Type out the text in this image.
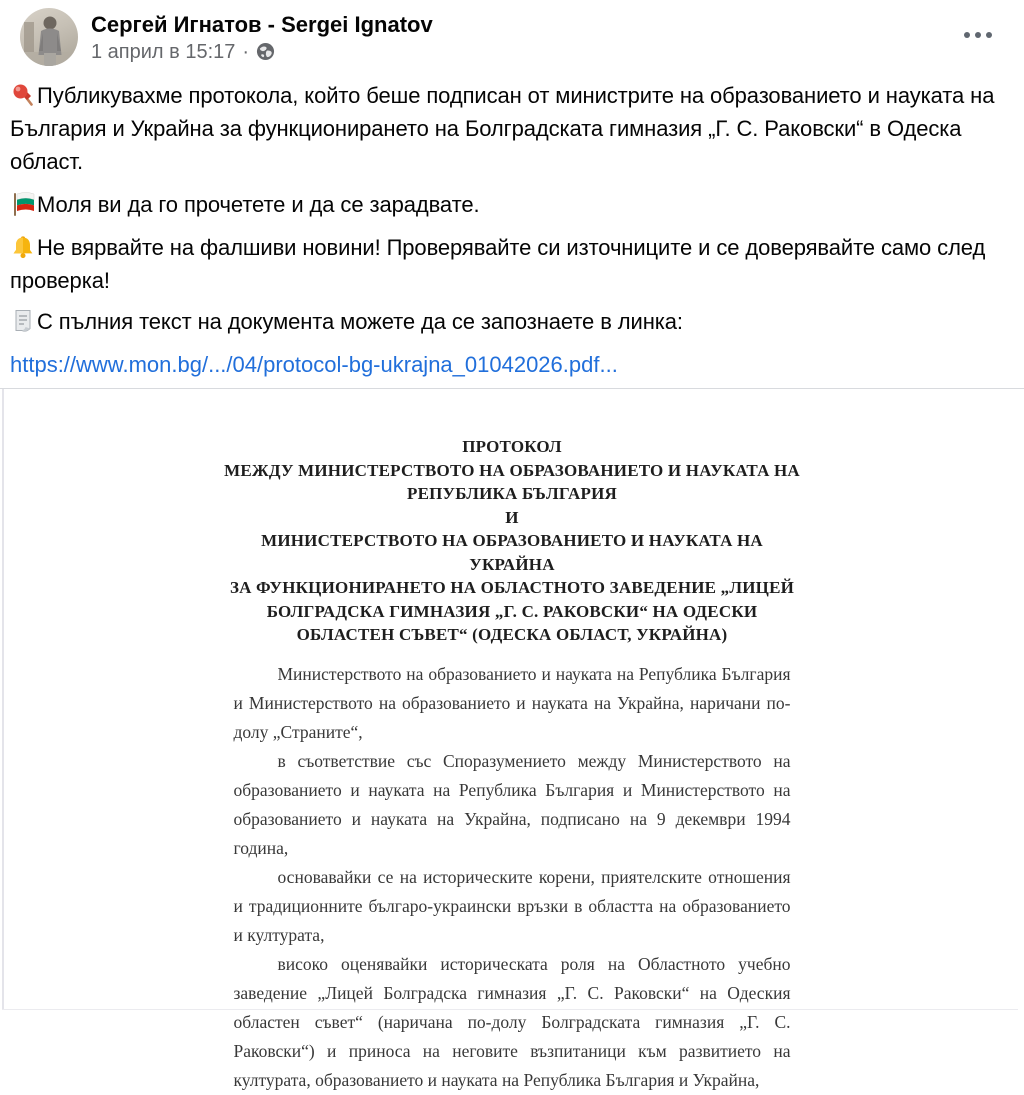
Сергей Игнатов - Sergei Ignatov
1 април в 15:17 ·

Публикувахме протокола, който беше подписан от министрите на образованието и науката на България и Украйна за функционирането на Болградската гимназия „Г. С. Раковски“ в Одеска област.

Моля ви да го прочетете и да се зарадвате.

Не вярвайте на фалшиви новини! Проверявайте си източниците и се доверявайте само след проверка!

С пълния текст на документа можете да се запознаете в линка:

https://www.mon.bg/.../04/protocol-bg-ukrajna_01042026.pdf...

ПРОТОКОЛ
МЕЖДУ МИНИСТЕРСТВОТО НА ОБРАЗОВАНИЕТО И НАУКАТА НА
РЕПУБЛИКА БЪЛГАРИЯ
И
МИНИСТЕРСТВОТО НА ОБРАЗОВАНИЕТО И НАУКАТА НА
УКРАЙНА
ЗА ФУНКЦИОНИРАНЕТО НА ОБЛАСТНОТО ЗАВЕДЕНИЕ „ЛИЦЕЙ
БОЛГРАДСКА ГИМНАЗИЯ „Г. С. РАКОВСКИ“ НА ОДЕСКИ
ОБЛАСТЕН СЪВЕТ“ (ОДЕСКА ОБЛАСТ, УКРАЙНА)

Министерството на образованието и науката на Република България и Министерството на образованието и науката на Украйна, наричани по-долу „Страните“,

в съответствие със Споразумението между Министерството на образованието и науката на Република България и Министерството на образованието и науката на Украйна, подписано на 9 декември 1994 година,

основавайки се на историческите корени, приятелските отношения и традиционните българо-украински връзки в областта на образованието и културата,

високо оценявайки историческата роля на Областното учебно заведение „Лицей Болградска гимназия „Г. С. Раковски“ на Одеския областен съвет“ (наричана по-долу Болградската гимназия „Г. С. Раковски“) и приноса на неговите възпитаници към развитието на културата, образованието и науката на Република България и Украйна,
